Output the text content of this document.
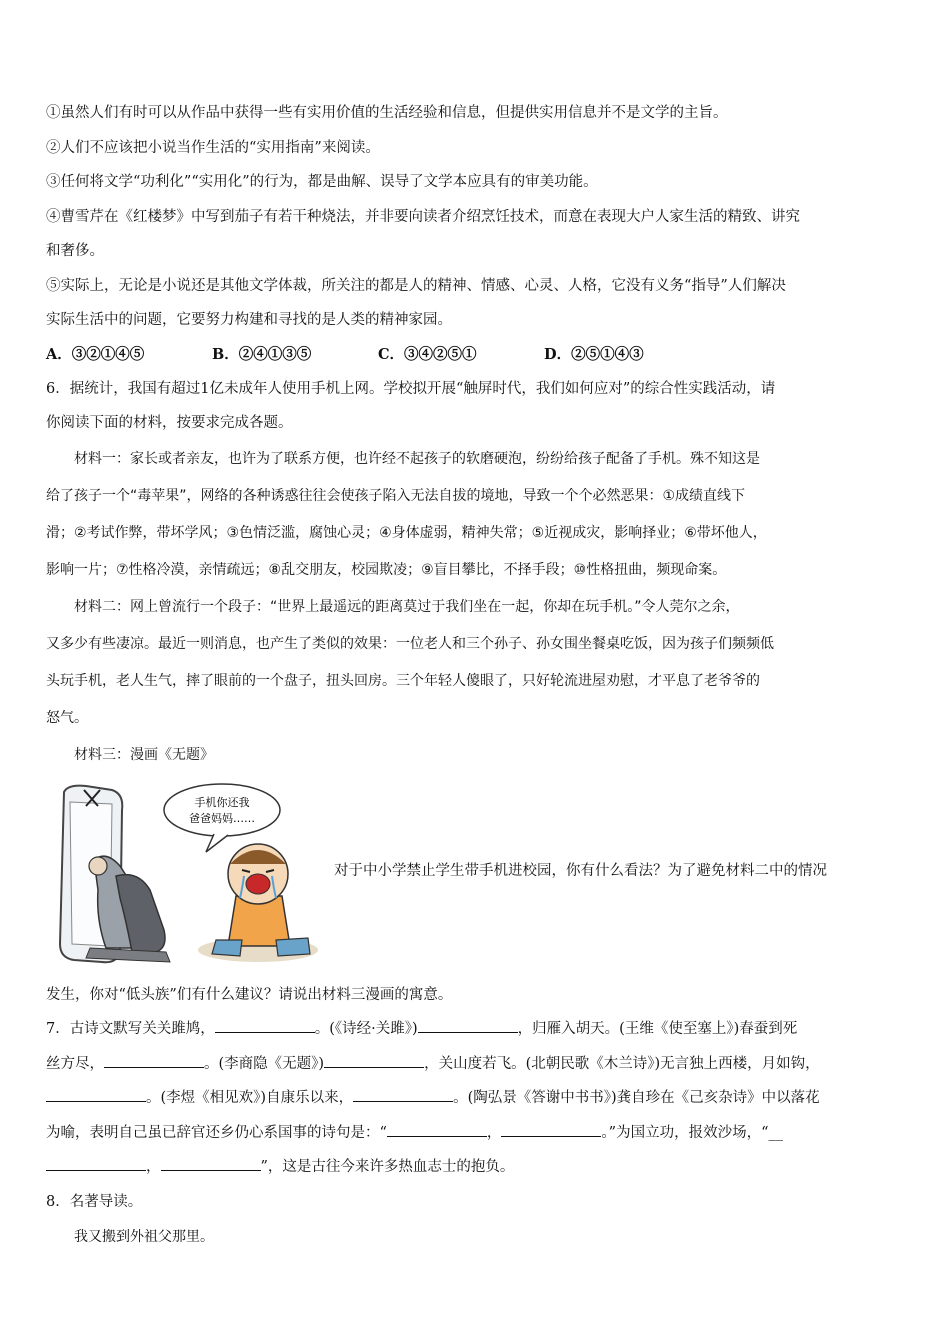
①虽然人们有时可以从作品中获得一些有实用价值的生活经验和信息，但提供实用信息并不是文学的主旨。

②人们不应该把小说当作生活的“实用指南”来阅读。

③任何将文学“功利化”“实用化”的行为，都是曲解、误导了文学本应具有的审美功能。

④曹雪芹在《红楼梦》中写到茄子有若干种烧法，并非要向读者介绍烹饪技术，而意在表现大户人家生活的精致、讲究

和奢侈。

⑤实际上，无论是小说还是其他文学体裁，所关注的都是人的精神、情感、心灵、人格，它没有义务“指导”人们解决

实际生活中的问题，它要努力构建和寻找的是人类的精神家园。

A．③②①④⑤	B．②④①③⑤	C．③④②⑤①	D．②⑤①④③

6．据统计，我国有超过1亿未成年人使用手机上网。学校拟开展“触屏时代，我们如何应对”的综合性实践活动，请

你阅读下面的材料，按要求完成各题。

材料一：家长或者亲友，也许为了联系方便，也许经不起孩子的软磨硬泡，纷纷给孩子配备了手机。殊不知这是

给了孩子一个“毒苹果”，网络的各种诱惑往往会使孩子陷入无法自拔的境地，导致一个个必然恶果：①成绩直线下

滑；②考试作弊，带坏学风；③色情泛滥，腐蚀心灵；④身体虚弱，精神失常；⑤近视成灾，影响择业；⑥带坏他人，

影响一片；⑦性格冷漠，亲情疏远；⑧乱交朋友，校园欺凌；⑨盲目攀比，不择手段；⑩性格扭曲，频现命案。

材料二：网上曾流行一个段子：“世界上最遥远的距离莫过于我们坐在一起，你却在玩手机。”令人莞尔之余，

又多少有些凄凉。最近一则消息，也产生了类似的效果：一位老人和三个孙子、孙女围坐餐桌吃饭，因为孩子们频频低

头玩手机，老人生气，摔了眼前的一个盘子，扭头回房。三个年轻人傻眼了，只好轮流进屋劝慰，才平息了老爷爷的

怒气。

材料三：漫画《无题》

手机你还我
爸爸妈妈……
对于中小学禁止学生带手机进校园，你有什么看法？为了避免材料二中的情况

发生，你对“低头族”们有什么建议？请说出材料三漫画的寓意。

7．古诗文默写关关雎鸠，	。(《诗经·关雎》)	，归雁入胡天。(王维《使至塞上》)春蚕到死

丝方尽，	。(李商隐《无题》)	，关山度若飞。(北朝民歌《木兰诗》)无言独上西楼，月如钩，

。(李煜《相见欢》)自康乐以来，	。(陶弘景《答谢中书书》)龚自珍在《己亥杂诗》中以落花

为喻，表明自己虽已辞官还乡仍心系国事的诗句是：“	，	。”为国立功，报效沙场，“__

，	”，这是古往今来许多热血志士的抱负。

8．名著导读。

我又搬到外祖父那里。
